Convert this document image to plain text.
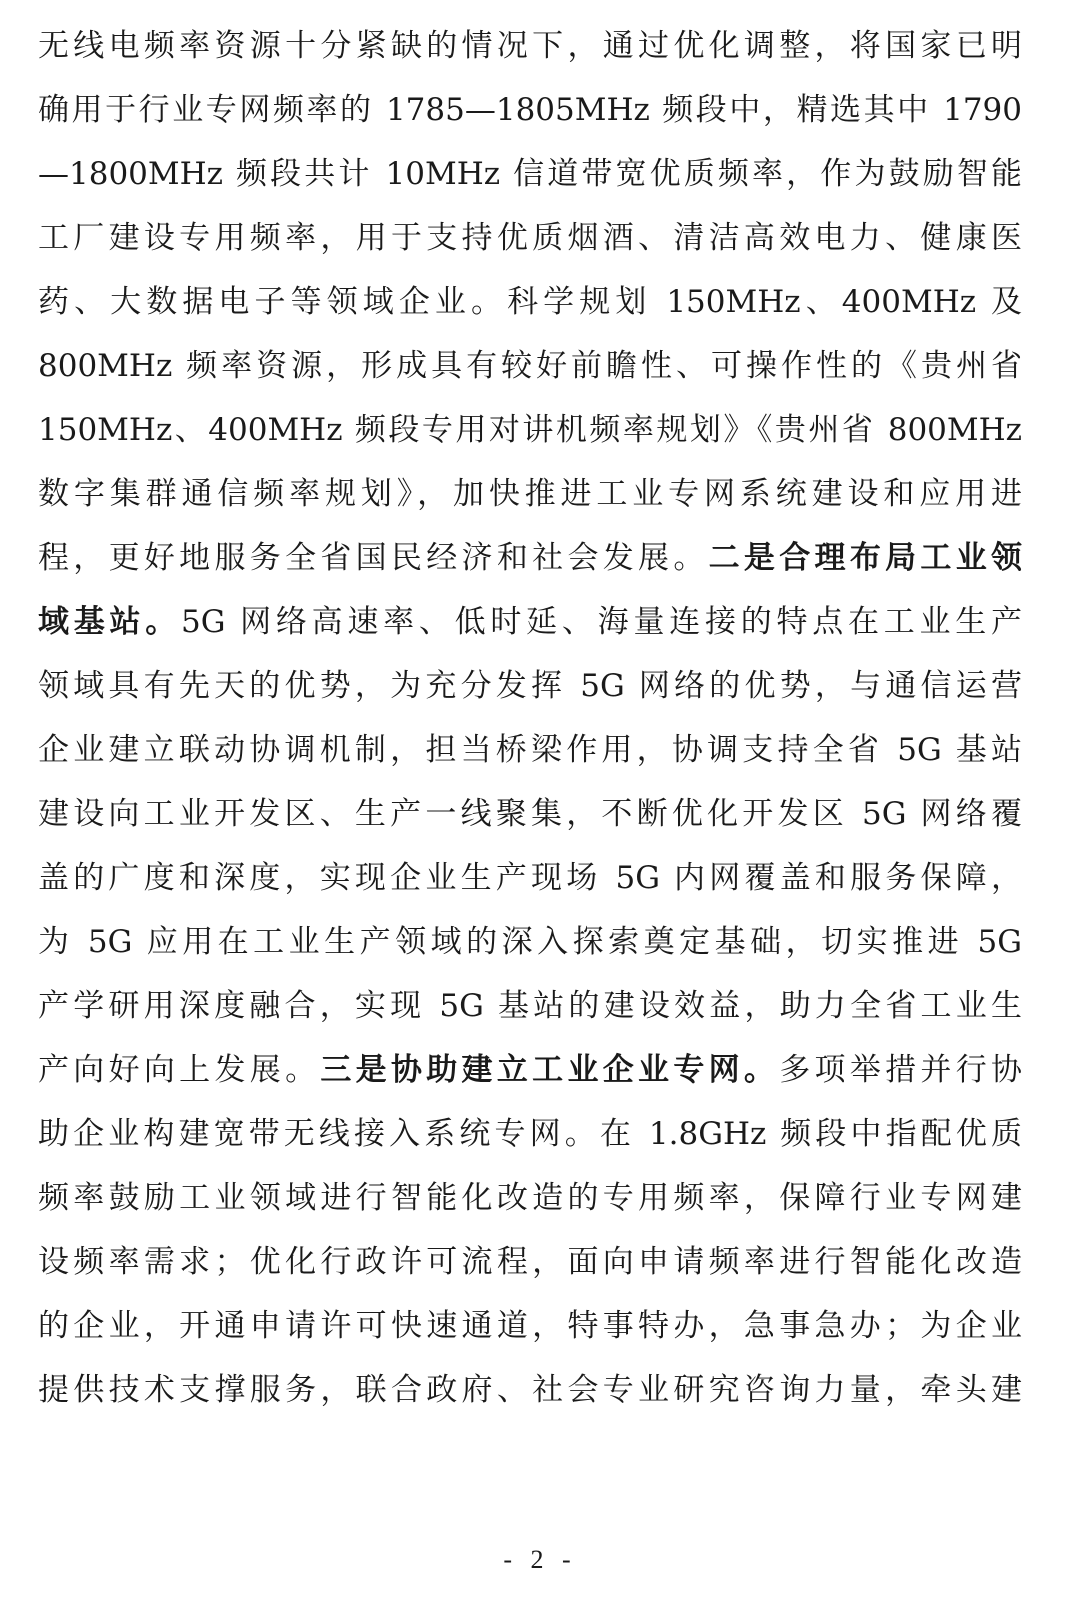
无线电频率资源十分紧缺的情况下，通过优化调整，将国家已明
确用于行业专网频率的 1785—1805MHz 频段中，精选其中 1790
—1800MHz 频段共计 10MHz 信道带宽优质频率，作为鼓励智能
工厂建设专用频率，用于支持优质烟酒、清洁高效电力、健康医
药、大数据电子等领域企业。科学规划 150MHz、400MHz 及
800MHz 频率资源，形成具有较好前瞻性、可操作性的《贵州省
150MHz、400MHz 频段专用对讲机频率规划》《贵州省 800MHz
数字集群通信频率规划》，加快推进工业专网系统建设和应用进
程，更好地服务全省国民经济和社会发展。二是合理布局工业领
域基站。5G 网络高速率、低时延、海量连接的特点在工业生产
领域具有先天的优势，为充分发挥 5G 网络的优势，与通信运营
企业建立联动协调机制，担当桥梁作用，协调支持全省 5G 基站
建设向工业开发区、生产一线聚集，不断优化开发区 5G 网络覆
盖的广度和深度，实现企业生产现场 5G 内网覆盖和服务保障，
为 5G 应用在工业生产领域的深入探索奠定基础，切实推进 5G
产学研用深度融合，实现 5G 基站的建设效益，助力全省工业生
产向好向上发展。三是协助建立工业企业专网。多项举措并行协
助企业构建宽带无线接入系统专网。在 1.8GHz 频段中指配优质
频率鼓励工业领域进行智能化改造的专用频率，保障行业专网建
设频率需求；优化行政许可流程，面向申请频率进行智能化改造
的企业，开通申请许可快速通道，特事特办，急事急办；为企业
提供技术支撑服务，联合政府、社会专业研究咨询力量，牵头建
- 2 -
